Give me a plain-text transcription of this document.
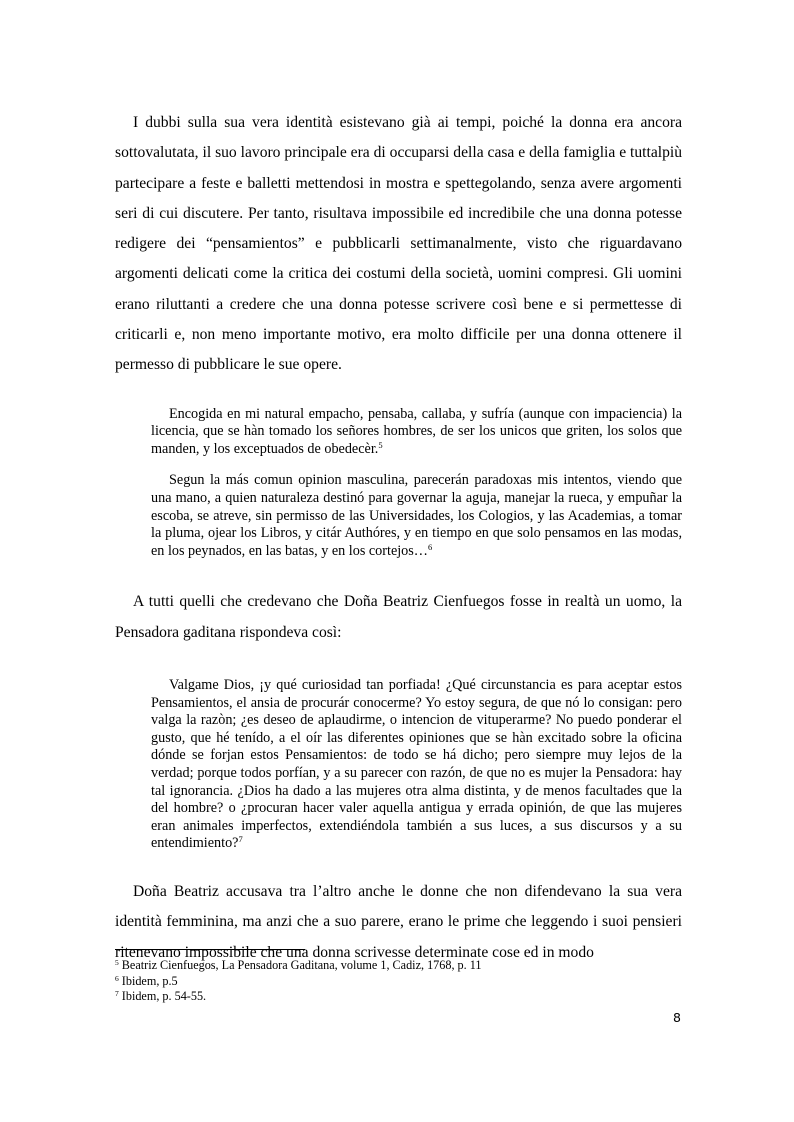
I dubbi sulla sua vera identità esistevano già ai tempi, poiché la donna era ancora sottovalutata, il suo lavoro principale era di occuparsi della casa e della famiglia e tuttalpiù partecipare a feste e balletti mettendosi in mostra e spettegolando, senza avere argomenti seri di cui discutere. Per tanto, risultava impossibile ed incredibile che una donna potesse redigere dei “pensamientos” e pubblicarli settimanalmente, visto che riguardavano argomenti delicati come la critica dei costumi della società, uomini compresi. Gli uomini erano riluttanti a credere che una donna potesse scrivere così bene e si permettesse di criticarli e, non meno importante motivo, era molto difficile per una donna ottenere il permesso di pubblicare le sue opere.

Encogida en mi natural empacho, pensaba, callaba, y sufría (aunque con impaciencia) la licencia, que se hàn tomado los señores hombres, de ser los unicos que griten, los solos que manden, y los exceptuados de obedecèr.$^5$

Segun la más comun opinion masculina, parecerán paradoxas mis intentos, viendo que una mano, a quien naturaleza destinó para governar la aguja, manejar la rueca, y empuñar la escoba, se atreve, sin permisso de las Universidades, los Cologios, y las Academias, a tomar la pluma, ojear los Libros, y citár Authóres, y en tiempo en que solo pensamos en las modas, en los peynados, en las batas, y en los cortejos…$^6$

A tutti quelli che credevano che Doña Beatriz Cienfuegos fosse in realtà un uomo, la Pensadora gaditana rispondeva così:

Valgame Dios, ¡y qué curiosidad tan porfiada! ¿Qué circunstancia es para aceptar estos Pensamientos, el ansia de procurár conocerme? Yo estoy segura, de que nó lo consigan: pero valga la razòn; ¿es deseo de aplaudirme, o intencion de vituperarme? No puedo ponderar el gusto, que hé tenído, a el oír las diferentes opiniones que se hàn excitado sobre la oficina dónde se forjan estos Pensamientos: de todo se há dicho; pero siempre muy lejos de la verdad; porque todos porfían, y a su parecer con razón, de que no es mujer la Pensadora: hay tal ignorancia. ¿Dios ha dado a las mujeres otra alma distinta, y de menos facultades que la del hombre? o ¿procuran hacer valer aquella antigua y errada opinión, de que las mujeres eran animales imperfectos, extendiéndola también a sus luces, a sus discursos y a su entendimiento?$^7$

Doña Beatriz accusava tra l’altro anche le donne che non difendevano la sua vera identità femminina, ma anzi che a suo parere, erano le prime che leggendo i suoi pensieri ritenevano impossibile che una donna scrivesse determinate cose ed in modo

$^5$ Beatriz Cienfuegos, La Pensadora Gaditana, volume 1, Cadiz, 1768, p. 11
$^6$ Ibidem, p.5
$^7$ Ibidem, p. 54-55.
8
